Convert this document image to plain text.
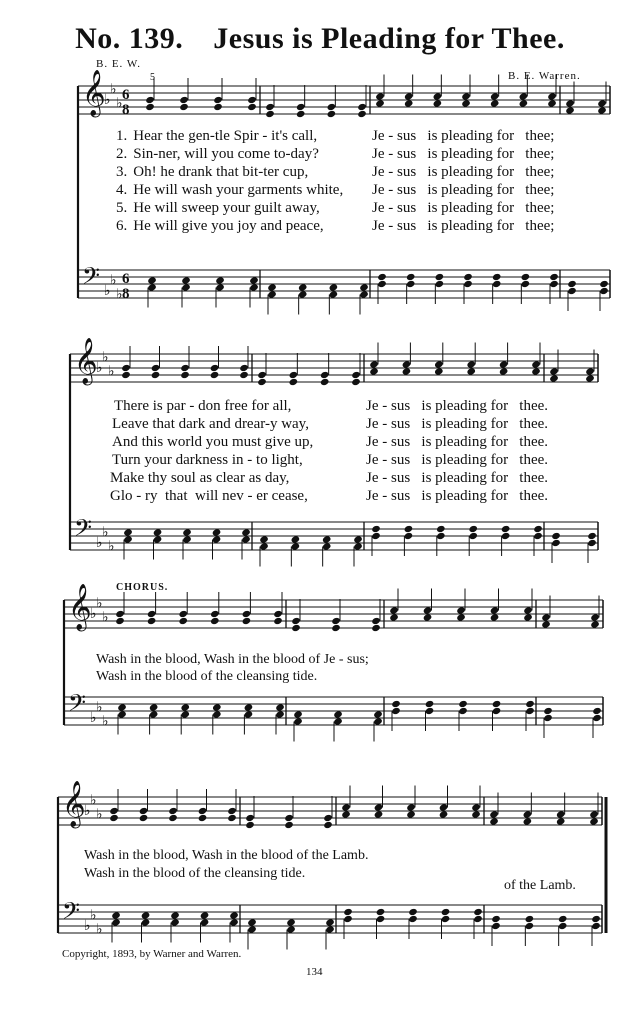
No. 139. Jesus is Pleading for Thee.
B. E. W.
B. E. Warren.
𝄞
𝄢
♭
♭
♭
♭
♭
♭
6
8
6
8
5
𝄞
𝄢
♭
♭
♭
♭
♭
♭
𝄞
𝄢
♭
♭
♭
♭
♭
♭
𝄞
𝄢
♭
♭
♭
♭
♭
♭
1. Hear the gen-tle Spir - it's call,	Je - sus   is pleading for   thee;
2. Sin-ner, will you come to-day?	Je - sus   is pleading for   thee;
3. Oh! he drank that bit-ter cup,	Je - sus   is pleading for   thee;
4. He will wash your garments white, Je - sus   is pleading for   thee;
5. He will sweep your guilt away,	Je - sus   is pleading for   thee;
6. He will give you joy and peace,	Je - sus   is pleading for   thee;
There is par - don free for all,	Je - sus   is pleading for   thee.
Leave that dark and drear-y way,	Je - sus   is pleading for   thee.
And this world you must give up,	Je - sus   is pleading for   thee.
Turn your darkness in - to light,	Je - sus   is pleading for   thee.
Make thy soul as clear as day,	Je - sus   is pleading for   thee.
Glo - ry  that  will nev - er cease,	Je - sus   is pleading for   thee.
CHORUS.
Wash in the blood, Wash in the blood of Je - sus;
Wash in the blood of the cleansing tide.
Wash in the blood, Wash in the blood of the Lamb.
Wash in the blood of the cleansing tide.
of the Lamb.
Copyright, 1893, by Warner and Warren.
134
